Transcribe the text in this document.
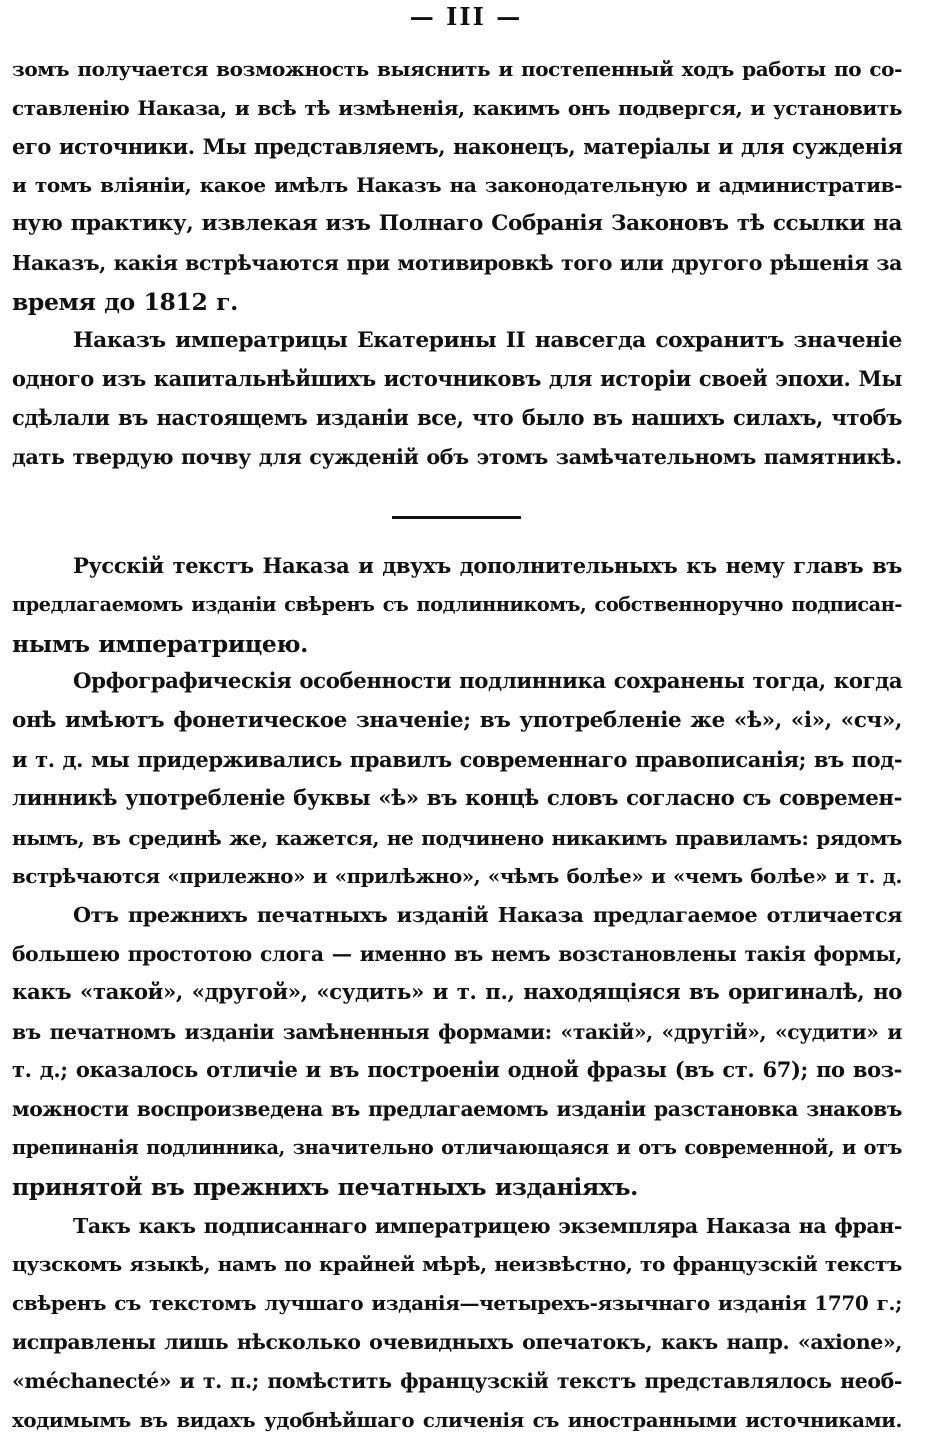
— III —
зомъ получается возможность выяснить и постепенный ходъ работы по со-
ставленію Наказа, и всѣ тѣ измѣненія, какимъ онъ подвергся, и установить
его источники. Мы представляемъ, наконецъ, матеріалы и для сужденія
и томъ вліяніи, какое имѣлъ Наказъ на законодательную и административ-
ную практику, извлекая изъ Полнаго Собранія Законовъ тѣ ссылки на
Наказъ, какія встрѣчаются при мотивировкѣ того или другого рѣшенія за
время до 1812 г.
Наказъ императрицы Екатерины II навсегда сохранитъ значеніе
одного изъ капитальнѣйшихъ источниковъ для исторіи своей эпохи. Мы
сдѣлали въ настоящемъ изданіи все, что было въ нашихъ силахъ, чтобъ
дать твердую почву для сужденій объ этомъ замѣчательномъ памятникѣ.
Русскій текстъ Наказа и двухъ дополнительныхъ къ нему главъ въ
предлагаемомъ изданіи свѣренъ съ подлинникомъ, собственноручно подписан-
нымъ императрицею.
Орфографическія особенности подлинника сохранены тогда, когда
онѣ имѣютъ фонетическое значеніе; въ употребленіе же «ѣ», «і», «сч»,
и т. д. мы придерживались правилъ современнаго правописанія; въ под-
линникѣ употребленіе буквы «ѣ» въ концѣ словъ согласно съ современ-
нымъ, въ срединѣ же, кажется, не подчинено никакимъ правиламъ: рядомъ
встрѣчаются «прилежно» и «прилѣжно», «чѣмъ болѣе» и «чемъ болѣе» и т. д.
Отъ прежнихъ печатныхъ изданій Наказа предлагаемое отличается
большею простотою слога — именно въ немъ возстановлены такія формы,
какъ «такой», «другой», «судить» и т. п., находящіяся въ оригиналѣ, но
въ печатномъ изданіи замѣненныя формами: «такій», «другій», «судити» и
т. д.; оказалось отличіе и въ построеніи одной фразы (въ ст. 67); по воз-
можности воспроизведена въ предлагаемомъ изданіи разстановка знаковъ
препинанія подлинника, значительно отличающаяся и отъ современной, и отъ
принятой въ прежнихъ печатныхъ изданіяхъ.
Такъ какъ подписаннаго императрицею экземпляра Наказа на фран-
цузскомъ языкѣ, намъ по крайней мѣрѣ, неизвѣстно, то французскій текстъ
свѣренъ съ текстомъ лучшаго изданія—четырехъ-язычнаго изданія 1770 г.;
исправлены лишь нѣсколько очевидныхъ опечатокъ, какъ напр. «axione»,
«méchanecté» и т. п.; помѣстить французскій текстъ представлялось необ-
ходимымъ въ видахъ удобнѣйшаго сличенія съ иностранными источниками.
